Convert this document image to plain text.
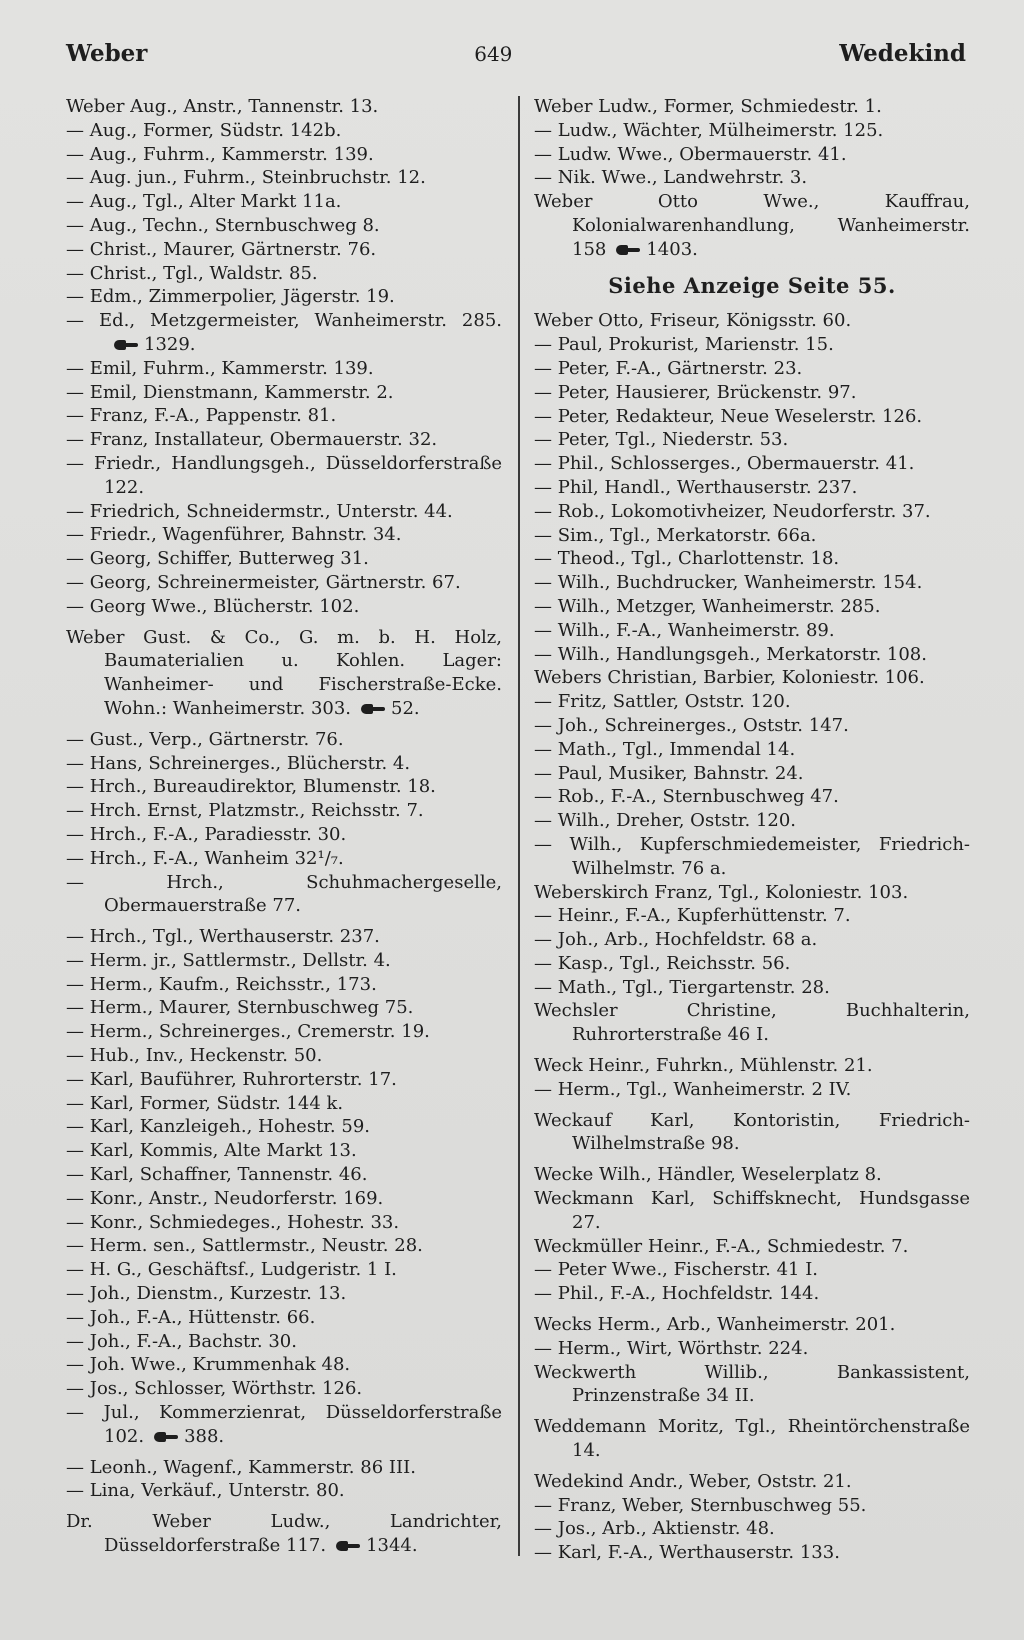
Weber	649	Wedekind
Weber Aug., Anstr., Tannenstr. 13.
— Aug., Former, Südstr. 142b.
— Aug., Fuhrm., Kammerstr. 139.
— Aug. jun., Fuhrm., Steinbruchstr. 12.
— Aug., Tgl., Alter Markt 11a.
— Aug., Techn., Sternbuschweg 8.
— Christ., Maurer, Gärtnerstr. 76.
— Christ., Tgl., Waldstr. 85.
— Edm., Zimmerpolier, Jägerstr. 19.
— Ed., Metzgermeister, Wanheimerstr. 285.1329.
— Emil, Fuhrm., Kammerstr. 139.
— Emil, Dienstmann, Kammerstr. 2.
— Franz, F.-A., Pappenstr. 81.
— Franz, Installateur, Obermauerstr. 32.
— Friedr., Handlungsgeh., Düsseldorferstraße 122.
— Friedrich, Schneidermstr., Unterstr. 44.
— Friedr., Wagenführer, Bahnstr. 34.
— Georg, Schiffer, Butterweg 31.
— Georg, Schreinermeister, Gärtnerstr. 67.
— Georg Wwe., Blücherstr. 102.
Weber Gust. & Co., G. m. b. H. Holz, Baumaterialien u. Kohlen. Lager: Wanheimer- und Fischerstraße-Ecke. Wohn.: Wanheimerstr. 303. 52.
— Gust., Verp., Gärtnerstr. 76.
— Hans, Schreinerges., Blücherstr. 4.
— Hrch., Bureaudirektor, Blumenstr. 18.
— Hrch. Ernst, Platzmstr., Reichsstr. 7.
— Hrch., F.-A., Paradiesstr. 30.
— Hrch., F.-A., Wanheim 32¹/₇.
— Hrch., Schuhmachergeselle, Obermauerstraße 77.
— Hrch., Tgl., Werthauserstr. 237.
— Herm. jr., Sattlermstr., Dellstr. 4.
— Herm., Kaufm., Reichsstr., 173.
— Herm., Maurer, Sternbuschweg 75.
— Herm., Schreinerges., Cremerstr. 19.
— Hub., Inv., Heckenstr. 50.
— Karl, Bauführer, Ruhrorterstr. 17.
— Karl, Former, Südstr. 144 k.
— Karl, Kanzleigeh., Hohestr. 59.
— Karl, Kommis, Alte Markt 13.
— Karl, Schaffner, Tannenstr. 46.
— Konr., Anstr., Neudorferstr. 169.
— Konr., Schmiedeges., Hohestr. 33.
— Herm. sen., Sattlermstr., Neustr. 28.
— H. G., Geschäftsf., Ludgeristr. 1 I.
— Joh., Dienstm., Kurzestr. 13.
— Joh., F.-A., Hüttenstr. 66.
— Joh., F.-A., Bachstr. 30.
— Joh. Wwe., Krummenhak 48.
— Jos., Schlosser, Wörthstr. 126.
— Jul., Kommerzienrat, Düsseldorferstraße 102. 388.
— Leonh., Wagenf., Kammerstr. 86 III.
— Lina, Verkäuf., Unterstr. 80.
Dr. Weber Ludw., Landrichter, Düsseldorferstraße 117. 1344.
Weber Ludw., Former, Schmiedestr. 1.
— Ludw., Wächter, Mülheimerstr. 125.
— Ludw. Wwe., Obermauerstr. 41.
— Nik. Wwe., Landwehrstr. 3.
Weber Otto Wwe., Kauffrau, Kolonialwarenhandlung, Wanheimerstr. 158 1403.
Siehe Anzeige Seite 55.
Weber Otto, Friseur, Königsstr. 60.
— Paul, Prokurist, Marienstr. 15.
— Peter, F.-A., Gärtnerstr. 23.
— Peter, Hausierer, Brückenstr. 97.
— Peter, Redakteur, Neue Weselerstr. 126.
— Peter, Tgl., Niederstr. 53.
— Phil., Schlosserges., Obermauerstr. 41.
— Phil, Handl., Werthauserstr. 237.
— Rob., Lokomotivheizer, Neudorferstr. 37.
— Sim., Tgl., Merkatorstr. 66a.
— Theod., Tgl., Charlottenstr. 18.
— Wilh., Buchdrucker, Wanheimerstr. 154.
— Wilh., Metzger, Wanheimerstr. 285.
— Wilh., F.-A., Wanheimerstr. 89.
— Wilh., Handlungsgeh., Merkatorstr. 108.
Webers Christian, Barbier, Koloniestr. 106.
— Fritz, Sattler, Oststr. 120.
— Joh., Schreinerges., Oststr. 147.
— Math., Tgl., Immendal 14.
— Paul, Musiker, Bahnstr. 24.
— Rob., F.-A., Sternbuschweg 47.
— Wilh., Dreher, Oststr. 120.
— Wilh., Kupferschmiedemeister, Friedrich-Wilhelmstr. 76 a.
Weberskirch Franz, Tgl., Koloniestr. 103.
— Heinr., F.-A., Kupferhüttenstr. 7.
— Joh., Arb., Hochfeldstr. 68 a.
— Kasp., Tgl., Reichsstr. 56.
— Math., Tgl., Tiergartenstr. 28.
Wechsler Christine, Buchhalterin, Ruhrorterstraße 46 I.
Weck Heinr., Fuhrkn., Mühlenstr. 21.
— Herm., Tgl., Wanheimerstr. 2 IV.
Weckauf Karl, Kontoristin, Friedrich-Wilhelmstraße 98.
Wecke Wilh., Händler, Weselerplatz 8.
Weckmann Karl, Schiffsknecht, Hundsgasse 27.
Weckmüller Heinr., F.-A., Schmiedestr. 7.
— Peter Wwe., Fischerstr. 41 I.
— Phil., F.-A., Hochfeldstr. 144.
Wecks Herm., Arb., Wanheimerstr. 201.
— Herm., Wirt, Wörthstr. 224.
Weckwerth Willib., Bankassistent, Prinzenstraße 34 II.
Weddemann Moritz, Tgl., Rheintörchenstraße 14.
Wedekind Andr., Weber, Oststr. 21.
— Franz, Weber, Sternbuschweg 55.
— Jos., Arb., Aktienstr. 48.
— Karl, F.-A., Werthauserstr. 133.
